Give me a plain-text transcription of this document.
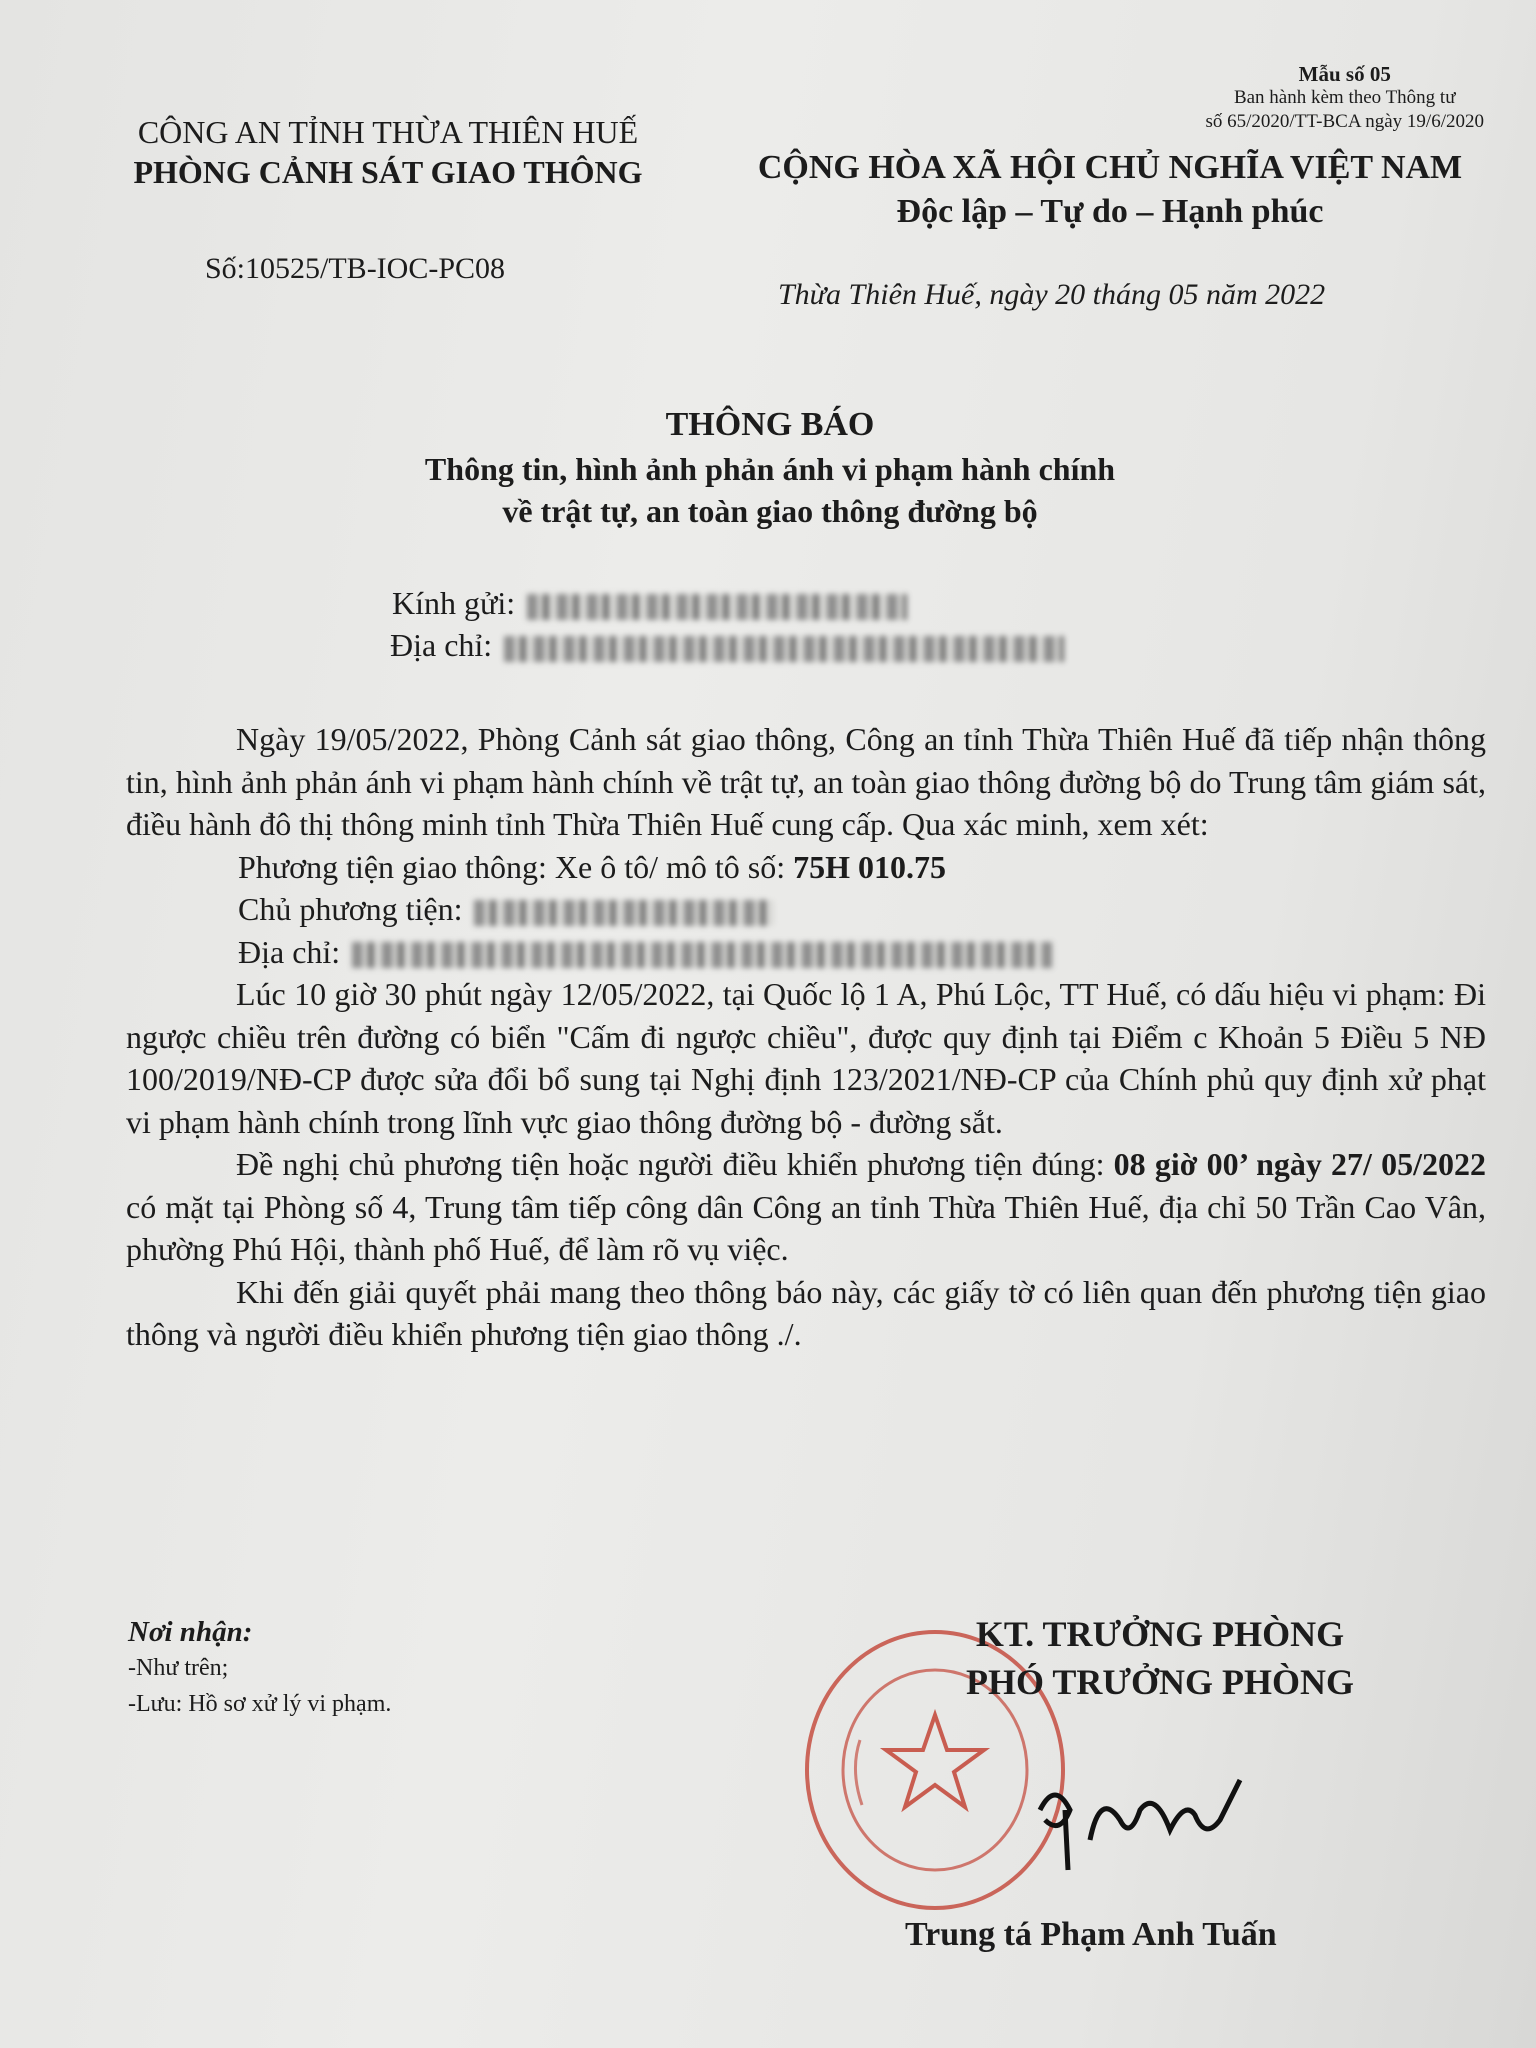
Mẫu số 05
Ban hành kèm theo Thông tư
số 65/2020/TT-BCA ngày 19/6/2020
CÔNG AN TỈNH THỪA THIÊN HUẾ
PHÒNG CẢNH SÁT GIAO THÔNG	CỘNG HÒA XÃ HỘI CHỦ NGHĨA VIỆT NAM
Độc lập – Tự do – Hạnh phúc
Số:10525/TB-IOC-PC08
Thừa Thiên Huế, ngày 20 tháng 05 năm 2022
THÔNG BÁO
Thông tin, hình ảnh phản ánh vi phạm hành chính
về trật tự, an toàn giao thông đường bộ
Kính gửi:
Địa chỉ:

Ngày 19/05/2022, Phòng Cảnh sát giao thông, Công an tỉnh Thừa Thiên Huế đã tiếp nhận thông tin, hình ảnh phản ánh vi phạm hành chính về trật tự, an toàn giao thông đường bộ do Trung tâm giám sát, điều hành đô thị thông minh tỉnh Thừa Thiên Huế cung cấp. Qua xác minh, xem xét:

Phương tiện giao thông: Xe ô tô/ mô tô số: 75H 010.75

Chủ phương tiện:

Địa chỉ:

Lúc 10 giờ 30 phút ngày 12/05/2022, tại Quốc lộ 1 A, Phú Lộc, TT Huế, có dấu hiệu vi phạm: Đi ngược chiều trên đường có biển "Cấm đi ngược chiều", được quy định tại Điểm c Khoản 5 Điều 5 NĐ 100/2019/NĐ-CP được sửa đổi bổ sung tại Nghị định 123/2021/NĐ-CP của Chính phủ quy định xử phạt vi phạm hành chính trong lĩnh vực giao thông đường bộ - đường sắt.

Đề nghị chủ phương tiện hoặc người điều khiển phương tiện đúng: 08 giờ 00’ ngày 27/ 05/2022 có mặt tại Phòng số 4, Trung tâm tiếp công dân Công an tỉnh Thừa Thiên Huế, địa chỉ 50 Trần Cao Vân, phường Phú Hội, thành phố Huế, để làm rõ vụ việc.

Khi đến giải quyết phải mang theo thông báo này, các giấy tờ có liên quan đến phương tiện giao thông và người điều khiển phương tiện giao thông ./.

Nơi nhận:
-Như trên;
-Lưu: Hồ sơ xử lý vi phạm.
KT. TRƯỞNG PHÒNG
PHÓ TRƯỞNG PHÒNG
Trung tá Phạm Anh Tuấn
